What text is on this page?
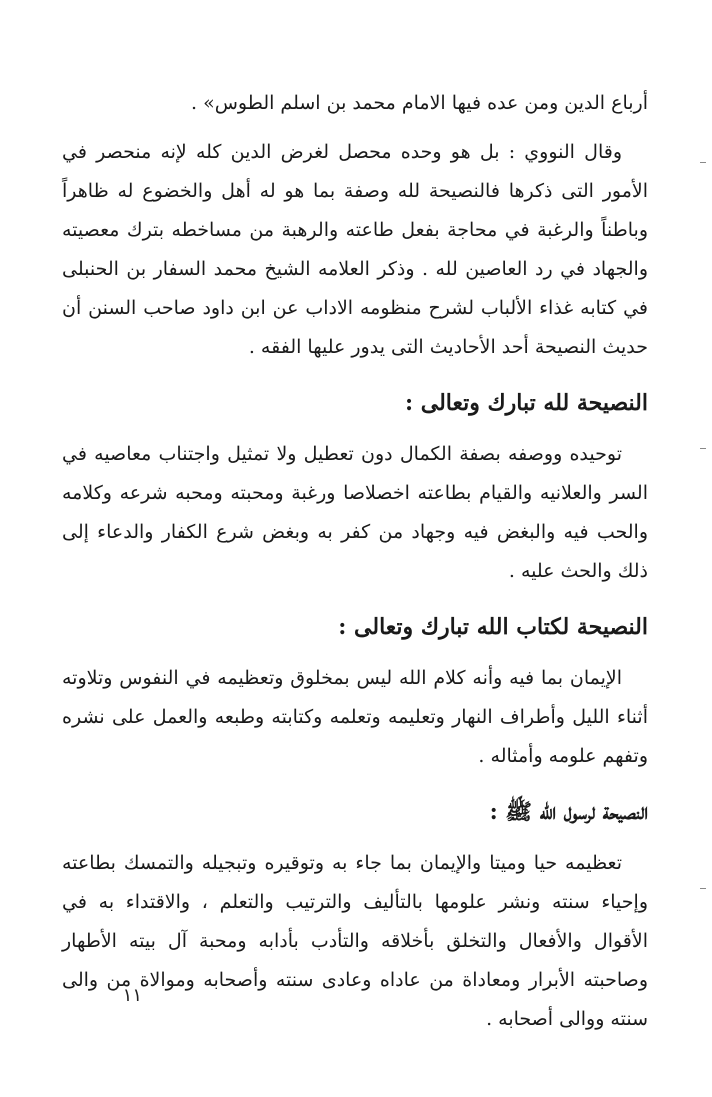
أرباع الدين ومن عده فيها الامام محمد بن اسلم الطوس» .

وقال النووي : بل هو وحده محصل لغرض الدين كله لإنه منحصر في الأمور التى ذكرها فالنصيحة لله وصفة بما هو له أهل والخضوع له ظاهراً وباطناً والرغبة في محاجة بفعل طاعته والرهبة من مساخطه بترك معصيته والجهاد في رد العاصين لله . وذكر العلامه الشيخ محمد السفار بن الحنبلى في كتابه غذاء الألباب لشرح منظومه الاداب عن ابن داود صاحب السنن أن حديث النصيحة أحد الأحاديث التى يدور عليها الفقه .

النصيحة لله تبارك وتعالى :

توحيده ووصفه بصفة الكمال دون تعطيل ولا تمثيل واجتناب معاصيه في السر والعلانيه والقيام بطاعته اخصلاصا ورغبة ومحبته ومحبه شرعه وكلامه والحب فيه والبغض فيه وجهاد من كفر به وبغض شرع الكفار والدعاء إلى ذلك والحث عليه .

النصيحة لكتاب الله تبارك وتعالى :

الإيمان بما فيه وأنه كلام الله ليس بمخلوق وتعظيمه في النفوس وتلاوته أثناء الليل وأطراف النهار وتعليمه وتعلمه وكتابته وطبعه والعمل على نشره وتفهم علومه وأمثاله .

النصيحة لرسول الله ﷺ :

تعظيمه حيا وميتا والإيمان بما جاء به وتوقيره وتبجيله والتمسك بطاعته وإحياء سنته ونشر علومها بالتأليف والترتيب والتعلم ، والاقتداء به في الأقوال والأفعال والتخلق بأخلاقه والتأدب بأدابه ومحبة آل بيته الأطهار وصاحبته الأبرار ومعاداة من عاداه وعادى سنته وأصحابه وموالاة من والى سنته ووالى أصحابه .

١١
